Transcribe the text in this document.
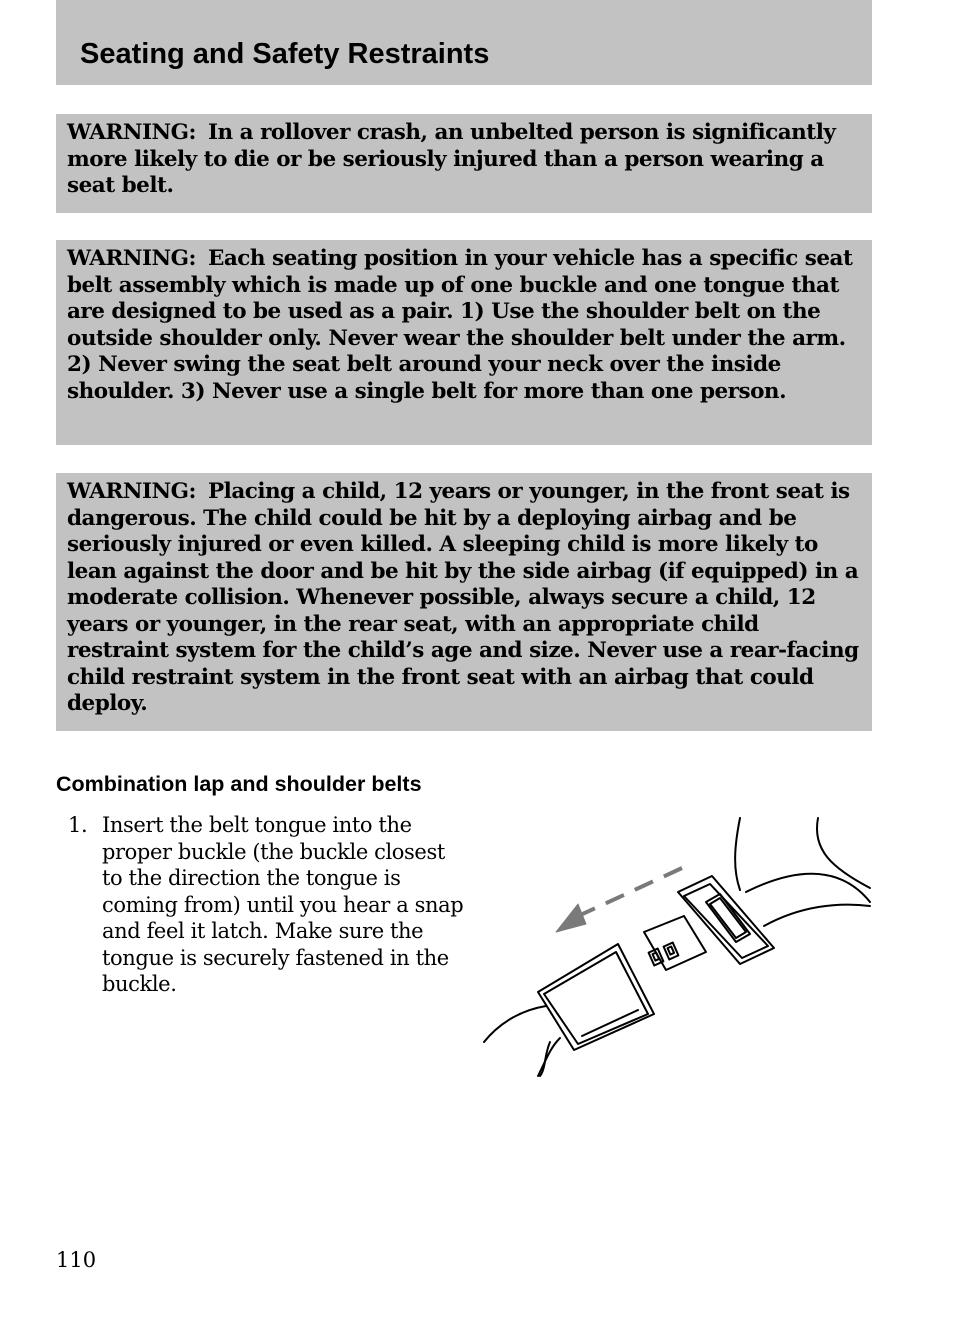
Seating and Safety Restraints

WARNING: In a rollover crash, an unbelted person is significantly more likely to die or be seriously injured than a person wearing a seat belt.

WARNING: Each seating position in your vehicle has a specific seat belt assembly which is made up of one buckle and one tongue that are designed to be used as a pair. 1) Use the shoulder belt on the outside shoulder only. Never wear the shoulder belt under the arm. 2) Never swing the seat belt around your neck over the inside shoulder. 3) Never use a single belt for more than one person.

WARNING: Placing a child, 12 years or younger, in the front seat is dangerous. The child could be hit by a deploying airbag and be seriously injured or even killed. A sleeping child is more likely to lean against the door and be hit by the side airbag (if equipped) in a moderate collision. Whenever possible, always secure a child, 12 years or younger, in the rear seat, with an appropriate child restraint system for the child’s age and size. Never use a rear-facing child restraint system in the front seat with an airbag that could deploy.

Combination lap and shoulder belts
1. Insert the belt tongue into the proper buckle (the buckle closest to the direction the tongue is coming from) until you hear a snap and feel it latch. Make sure the tongue is securely fastened in the buckle.

110
